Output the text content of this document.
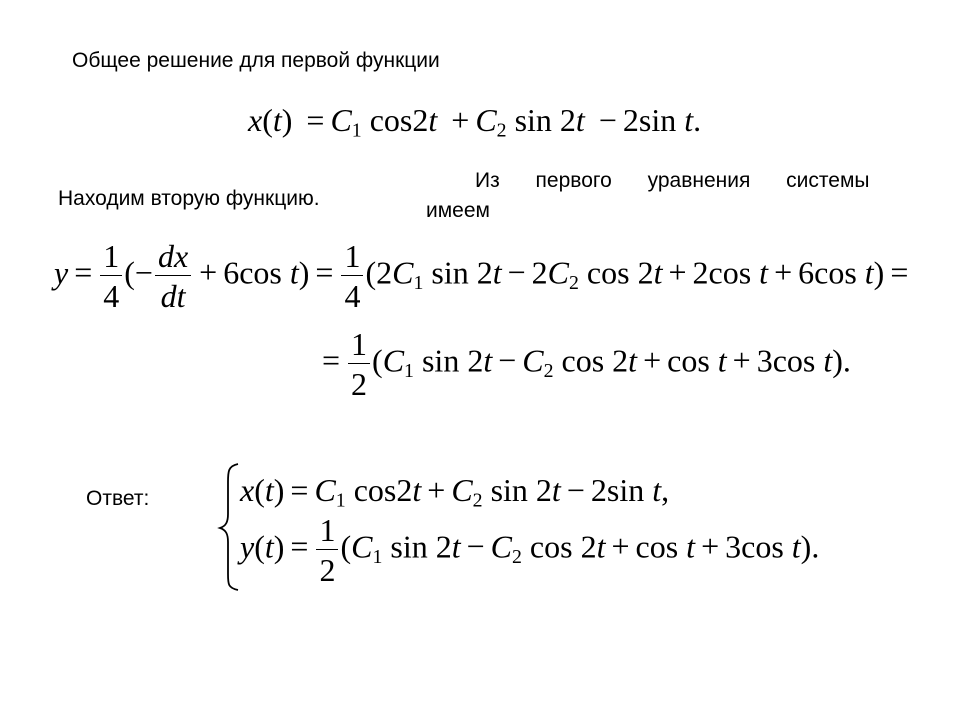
Общее решение для первой функции
$x(t) = C_1$ $\cos 2t + C_2$ sin 2t − 2sin t.
Находим вторую функцию.
Из первого уравнения системы
имеем
$y = \frac{1}{4}$ (− $\frac{dx}{dt} + 6\cos$ $t) = \frac{1}{4} (2C_1$ $\sin 2t - 2C_2$ cos 2t + 2cos t + 6cos t) =
= $\frac{1}{2} (C_1$ $\sin 2t - C_2$ cos 2t + cos t + 3cos t).
Ответ:	$x(t) = C_1$ $\cos 2t + C_2$ sin 2t − 2sin t,
$y(t) = \frac{1}{2} (C_1$ $\sin 2t - C_2$ cos 2t + cos t + 3cos t).
